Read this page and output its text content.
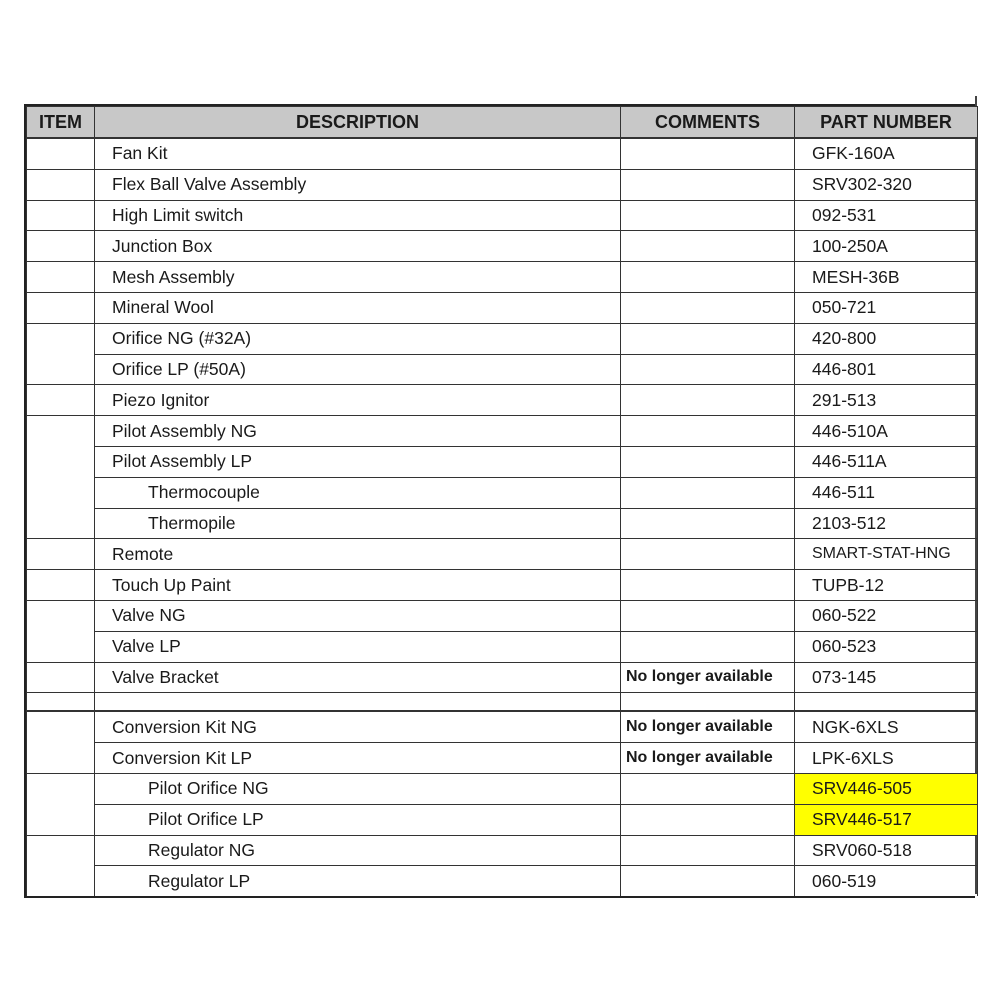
ITEM	DESCRIPTION	COMMENTS	PART NUMBER
	Fan Kit		GFK-160A
	Flex Ball Valve Assembly		SRV302-320
	High Limit switch		092-531
	Junction Box		100-250A
	Mesh Assembly		MESH-36B
	Mineral Wool		050-721
	Orifice NG (#32A)		420-800
	Orifice LP (#50A)		446-801
	Piezo Ignitor		291-513
	Pilot Assembly NG		446-510A
	Pilot Assembly LP		446-511A
	Thermocouple		446-511
	Thermopile		2103-512
	Remote		SMART-STAT-HNG
	Touch Up Paint		TUPB-12
	Valve NG		060-522
	Valve LP		060-523
	Valve Bracket	No longer available	073-145

	Conversion Kit NG	No longer available	NGK-6XLS
	Conversion Kit LP	No longer available	LPK-6XLS
	Pilot Orifice NG		SRV446-505
	Pilot Orifice LP		SRV446-517
	Regulator NG		SRV060-518
	Regulator LP		060-519
